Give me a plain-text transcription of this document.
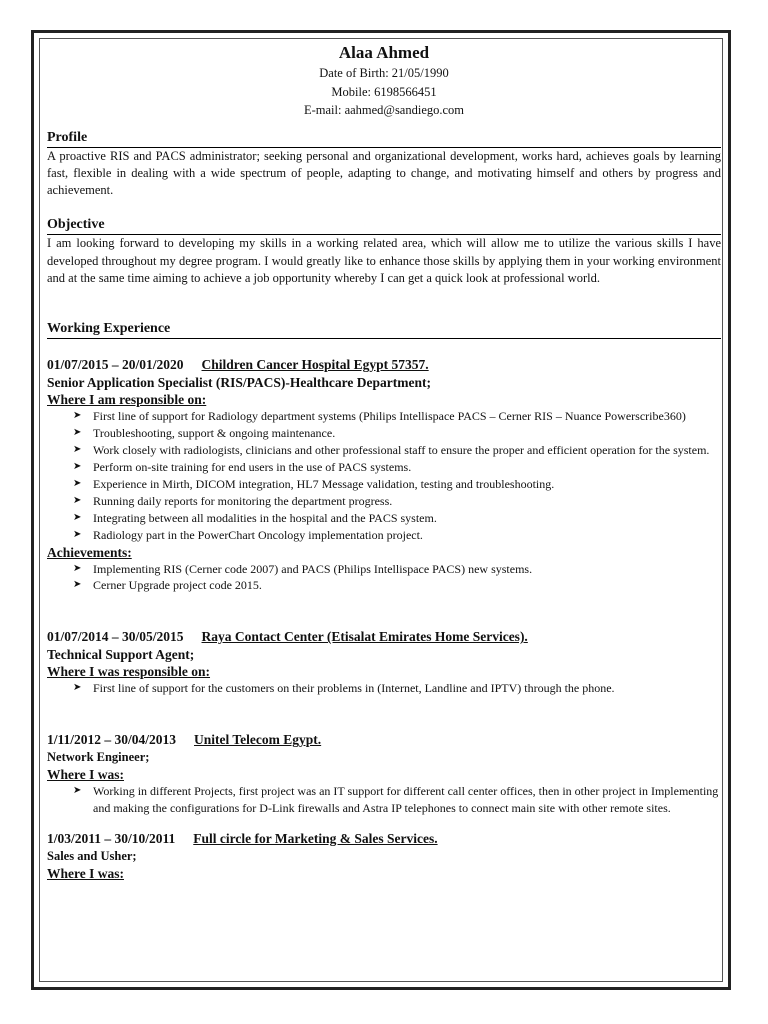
Alaa Ahmed
Date of Birth: 21/05/1990
Mobile: 6198566451
E-mail: aahmed@sandiego.com
Profile

A proactive RIS and PACS administrator; seeking personal and organizational development, works hard, achieves goals by learning fast, flexible in dealing with a wide spectrum of people, adapting to change, and motivating himself and others by progress and achievement.

Objective

I am looking forward to developing my skills in a working related area, which will allow me to utilize the various skills I have developed throughout my degree program. I would greatly like to enhance those skills by applying them in your working environment and at the same time aiming to achieve a job opportunity whereby I can get a quick look at professional world.

Working Experience
01/07/2015 – 20/01/2020 Children Cancer Hospital Egypt 57357.
Senior Application Specialist (RIS/PACS)-Healthcare Department;
Where I am responsible on:
➤ First line of support for Radiology department systems (Philips Intellispace PACS – Cerner RIS – Nuance Powerscribe360)
➤ Troubleshooting, support & ongoing maintenance.
➤ Work closely with radiologists, clinicians and other professional staff to ensure the proper and efficient operation for the system.
➤ Perform on-site training for end users in the use of PACS systems.
➤ Experience in Mirth, DICOM integration, HL7 Message validation, testing and troubleshooting.
➤ Running daily reports for monitoring the department progress.
➤ Integrating between all modalities in the hospital and the PACS system.
➤ Radiology part in the PowerChart Oncology implementation project.
Achievements:
➤ Implementing RIS (Cerner code 2007) and PACS (Philips Intellispace PACS) new systems.
➤ Cerner Upgrade project code 2015.
01/07/2014 – 30/05/2015 Raya Contact Center (Etisalat Emirates Home Services).
Technical Support Agent;
Where I was responsible on:
➤ First line of support for the customers on their problems in (Internet, Landline and IPTV) through the phone.
1/11/2012 – 30/04/2013 Unitel Telecom Egypt.
Network Engineer;
Where I was:
➤ Working in different Projects, first project was an IT support for different call center offices, then in other project in Implementing and making the configurations for D-Link firewalls and Astra IP telephones to connect main site with other remote sites.
1/03/2011 – 30/10/2011 Full circle for Marketing & Sales Services.
Sales and Usher;
Where I was:
